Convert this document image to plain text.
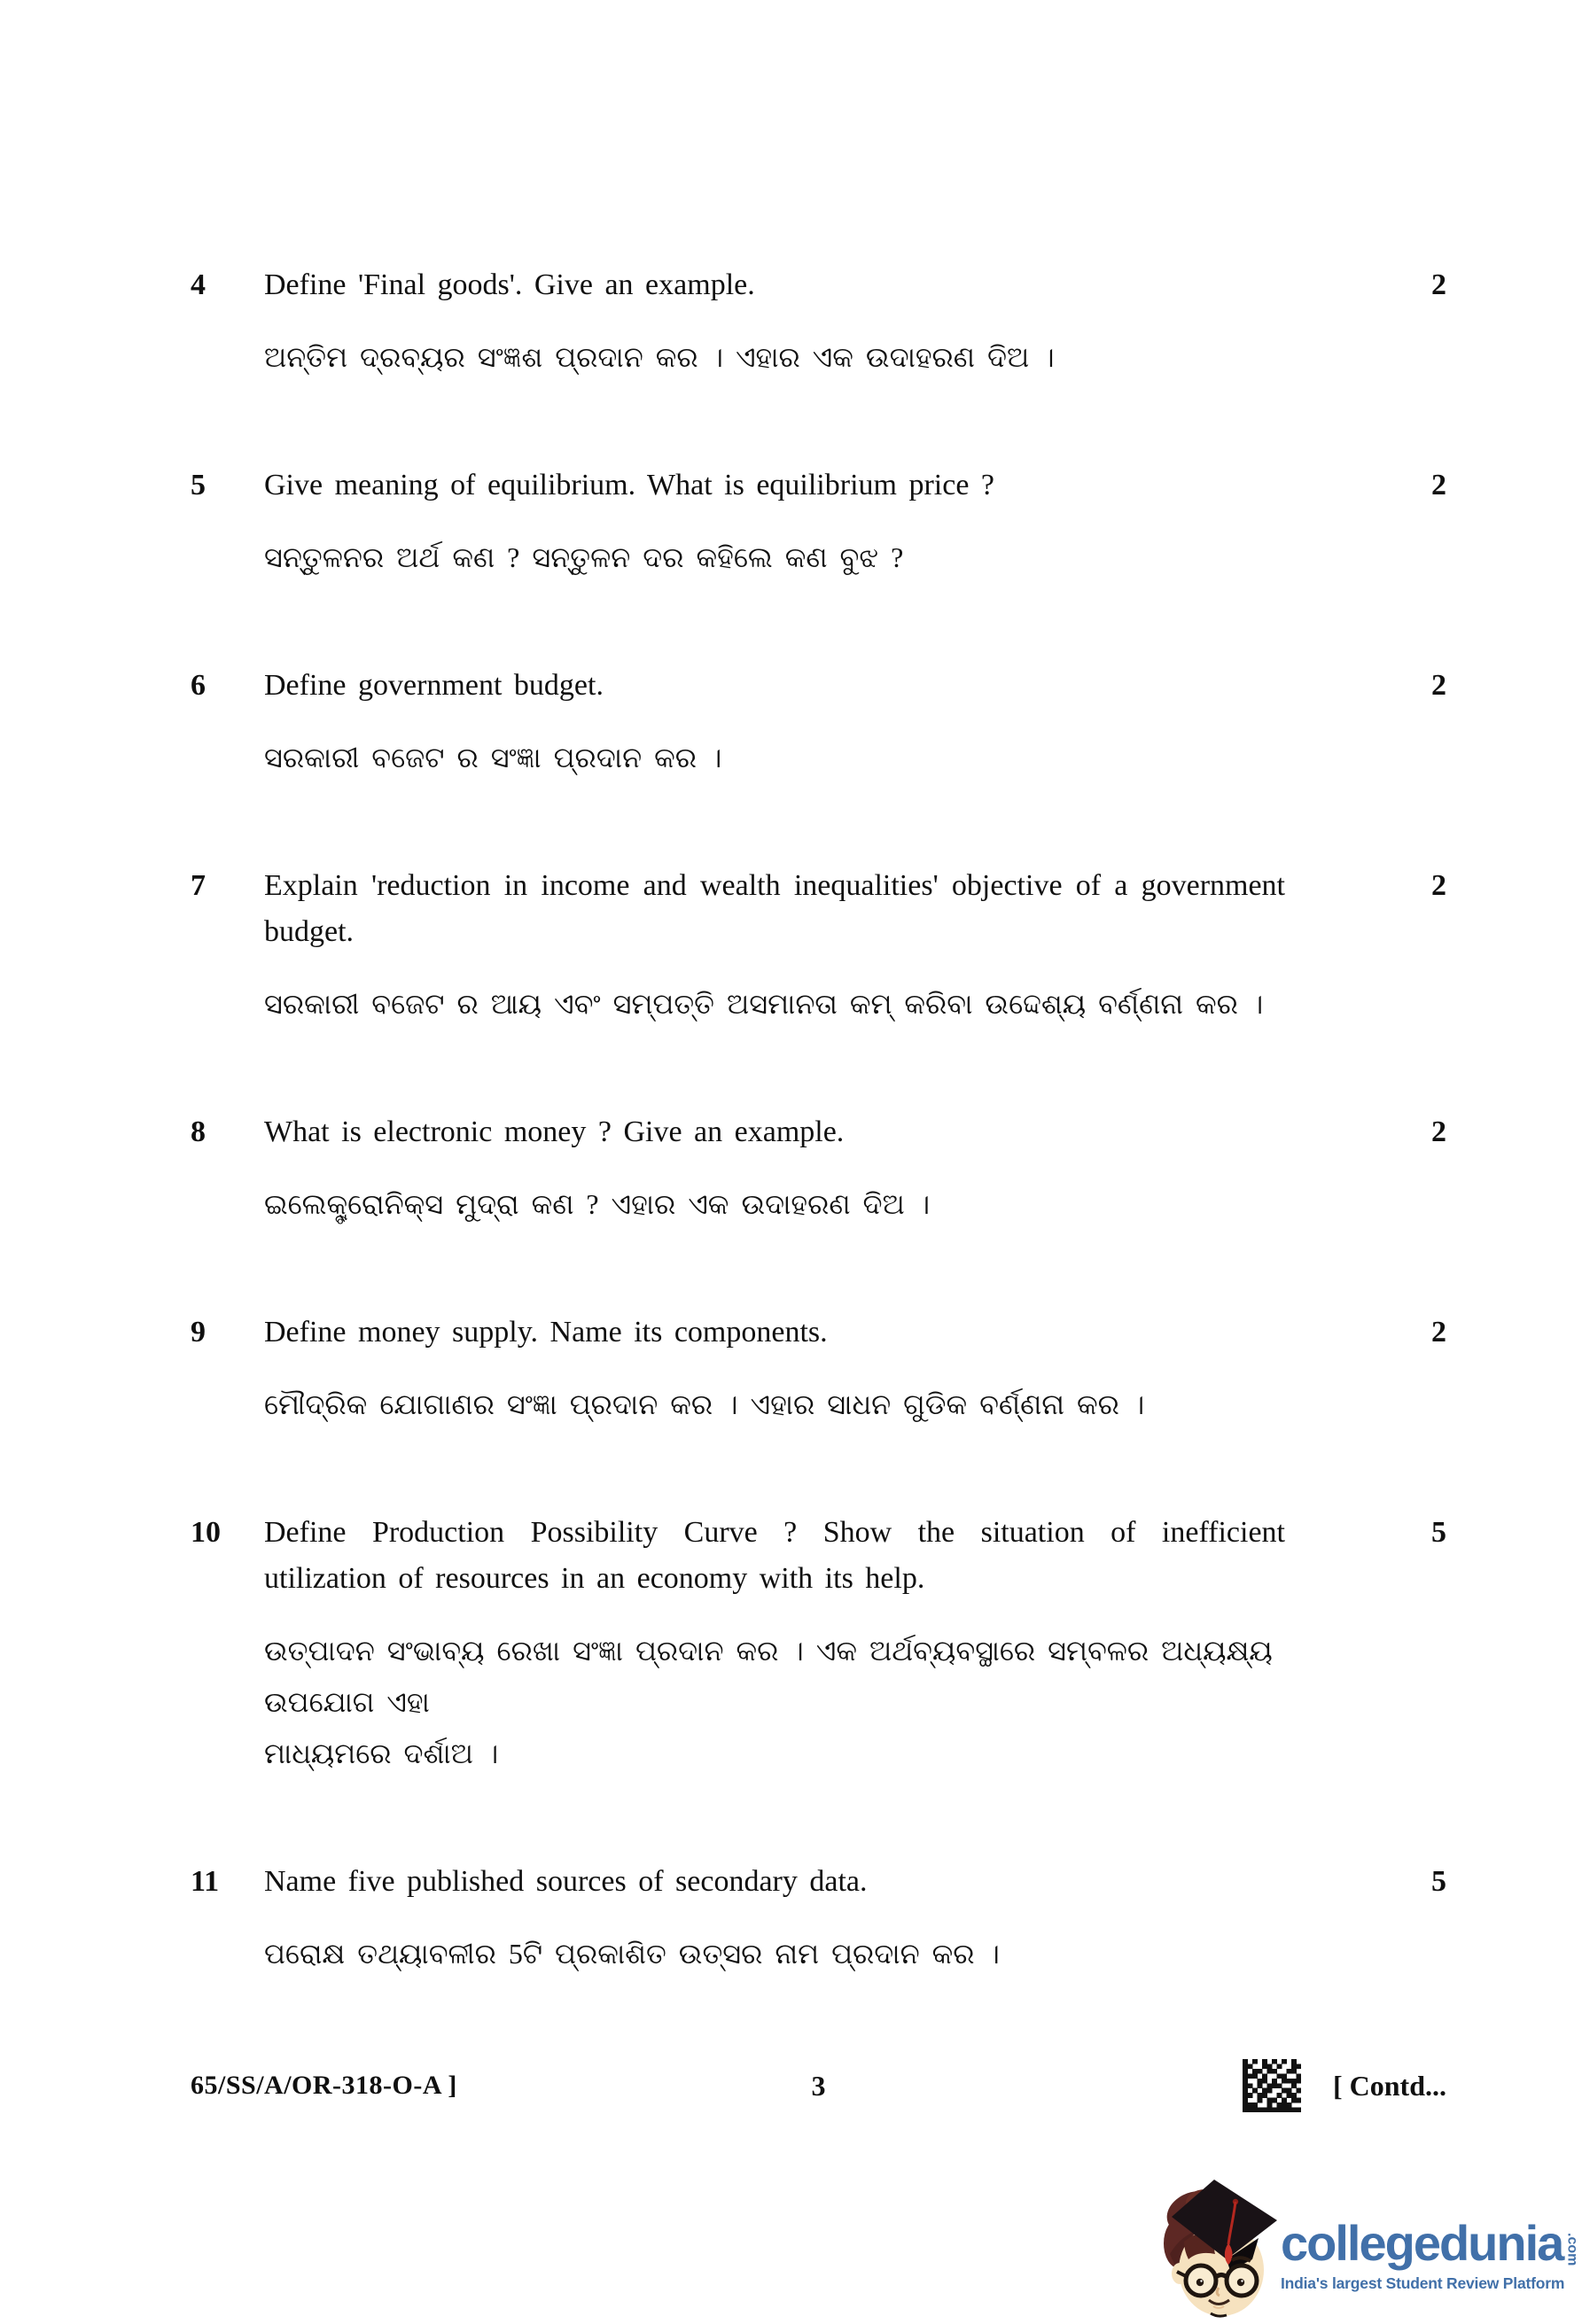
4	Define 'Final goods'. Give an example.

ଅନ୍ତିମ ଦ୍ରବ୍ୟର ସଂଜ୍ଞଶ ପ୍ରଦାନ କର । ଏହାର ଏକ ଉଦାହରଣ ଦିଅ ।

2
5	Give meaning of equilibrium. What is equilibrium price ?

ସନ୍ତୁଳନର ଅର୍ଥ କଣ ? ସନ୍ତୁଳନ ଦର କହିଲେ କଣ ବୁଝ ?

2
6	Define government budget.

ସରକାରୀ ବଜେଟ ର ସଂଜ୍ଞା ପ୍ରଦାନ କର ।

2
7	Explain 'reduction in income and wealth inequalities' objective of a government budget.

ସରକାରୀ ବଜେଟ ର ଆୟ ଏବଂ ସମ୍ପତ୍ତି ଅସମାନତା କମ୍ କରିବା ଉଦ୍ଦେଶ୍ୟ ବର୍ଣ୍ଣନା କର ।

2
8	What is electronic money ? Give an example.

ଇଲେକ୍ଟ୍ରୋନିକ୍ସ ମୁଦ୍ରା କଣ ? ଏହାର ଏକ ଉଦାହରଣ ଦିଅ ।

2
9	Define money supply. Name its components.

ମୌଦ୍ରିକ ଯୋଗାଣର ସଂଜ୍ଞା ପ୍ରଦାନ କର । ଏହାର ସାଧନ ଗୁଡିକ ବର୍ଣ୍ଣନା କର ।

2
10	Define Production Possibility Curve ? Show the situation of inefficient utilization of resources in an economy with its help.

ଉତ୍ପାଦନ ସଂଭାବ୍ୟ ରେଖା ସଂଜ୍ଞା ପ୍ରଦାନ କର । ଏକ ଅର୍ଥବ୍ୟବସ୍ଥାରେ ସମ୍ବଳର ଅଧ୍ୟକ୍ଷ୍ୟ ଉପଯୋଗ ଏହା

ମାଧ୍ୟମରେ ଦର୍ଶାଅ ।

5
11	Name five published sources of secondary data.

ପରୋକ୍ଷ ତଥ୍ୟାବଳୀର 5ଟି ପ୍ରକାଶିତ ଉତ୍ସର ନାମ ପ୍ରଦାନ କର ।

5
65/SS/A/OR-318-O-A ]	3	[ Contd...
collegedunia .com
India's largest Student Review Platform
